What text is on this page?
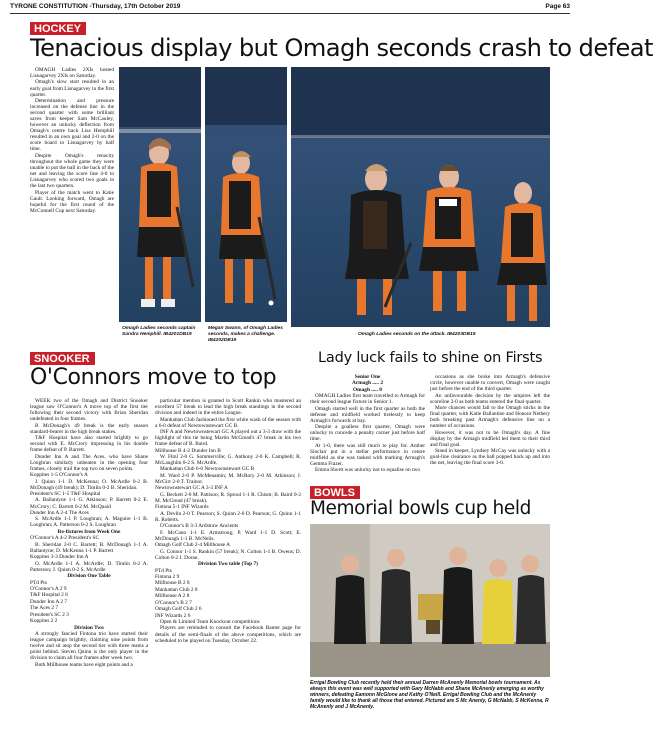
TYRONE CONSTITUTION -Thursday, 17th October 2019	Page 63
HOCKEY
Tenacious display but Omagh seconds crash to defeat

OMAGH Ladies 2XIs hosted Lisnagarvey 2XIs on Saturday.

Omagh's slow start resulted in an early goal from Lisnagarvey in the first quarter.

Determination and pressure increased on the defense line in the second quarter with some brilliant saves from keeper Sam McCauley, however an unlucky deflection from Omagh's centre back Lisa Hemphill resulted in an own goal and 2-0 on the score board to Lisnagarvey by half time.

Despite Omagh's tenacity throughout the whole game they were unable to put the ball in the back of the net and leaving the score line 4-0 to Lisnagarvey who scored two goals in the last two quarters.

Player of the match went to Katie Gault. Looking forward, Omagh are hopeful for the first round of the McConnell Cup next Saturday.

Omagh Ladies seconds captain Sandra Hemphill. IB4201DB19
Megan Swann, of Omagh Ladies seconds, makes a challenge. IB4202DB19
Omagh Ladies seconds on the attack. IB4203DB19
SNOOKER
O'Connors move to top

WEEK two of the Omagh and District Snooker league saw O'Connor's A move top of the first tier following their second victory with Brian Sheridan undefeated in four frames.

B McDonagh's 49 break is the early season standard-bearer in the high break stakes.

T&F Hospital have also started brightly to go second with E. McCrory impressing in his double frame defeat of P. Barrett.

Dunder Inn A and The Aces, who have Shane Loughran similarly unbeaten in the opening four frames, closely trail the top two on seven points.

Koppites 1-5 O'Connor's A

J. Quinn 1-1 D. McKenna; O. McArdle 0-2 B. McDonagh (49 break); D. Timlin 0-2 B. Sheridan.

President's SC 1-5 T&F Hospital

A. Ballantyne 1-1 G. Atkinson; P. Barrett 0-2 E. McCrory; C. Barrett 0-2 M. McQuaid

Dunder Inn A 2-4 The Aces

S. McArdle 1-1 P. Loughran; A. Maguire 1-1 B. Loughran; A. Patterson 0-2 S. Loughran

Re-fixtures from Week One

O'Connor's A 4-2 President's SC

B. Sheridan 2-0 C. Barrett; B. McDonagh 1-1 A. Ballantyne; D. McKenna 1-1 P. Barrett

Koppites 3-3 Dunder Inn A

O. McArdle 1-1 A. McArdle; D. Timlin 0-2 A. Patterson; J. Quinn 0-2 S. McArdle

Division One Table

PTd Pts

O'Connor's A 2 9

T&F Hospital 2 8

Dunder Inn A 2 7

The Aces 2 7

President's SC 2 3

Koppites 2 2

Division Two

A strongly fancied Fintona trio have started their league campaign brightly, claiming nine points from twelve and sit atop the second tier with three teams a point behind. Steven Quinn is the only player in the division to claim all four frames after week two.

Both Millhouse teams have eight points and a

particular mention is granted to Scott Rankin who mustered an excellent 57 break to lead the high break standings in the second division and indeed in the entire League.

Manhattan Club fashioned the first white wash of the season with a 6-0 defeat of Newtownstewart GC B.

INF A and Newtownstewart GC A played out a 3-3 draw with the highlight of this tie being Martin McGread's 47 break in his two frame defeat of B. Baird.

Millhouse B 4-2 Dunder Inn B

W. Flml 2-0 G. Sommerville; G. Anthony 2-0 K. Campbell; R. McLaughlin 0-2 S. McArdle.

Manhattan Club 6-0 Newtownstewart GC B

M. Ward 2-0 P. McMenamin; M. McRory 2-0 M. Atkinson; J. McGirr 2-0 T. Trainor.

Newtownstewart GC A 3-3 INF A

G. Beckett 2-0 M. Pattison; R. Sproul 1-1 R. Chism; B. Baird 0-2 M. McGread (47 break).

Fintona 5-1 INF Wizards

A. Devlin 2-0 T. Pearson; S. Quinn 2-0 D. Pearson; G. Quinn 1-1 R. Roberts.

O'Connor's B 3-3 Ardstraw Ancients

F. McCann 1-1 E. Armstrong; P. Ward 1-1 D. Scott; E. McDonagh 1-1 B. McNelis.

Omagh Golf Club 2-4 Millhouse A

G. Connor 1-1 S. Rankin (57 break); N. Colton 1-1 B. Owens; D. Colton 0-2 J. Doran.

Division Two table (Top 7)

PTd Pts

Fintona 2 9

Millhouse B 2 8

Manhattan Club 2 8

Millhouse A 2 8

O'Connor's B 2 7

Omagh Golf Club 2 6

INF Wizards 2 6

Open & Limited Team Knockout competitions

Players are reminded to consult the Facebook Banter page for details of the semi-finals of the above competitions, which are scheduled to be played on Tuesday, October 22.

Lady luck fails to shine on Firsts

Senior One

Armagh ..... 2

Omagh ..... 0

OMAGH Ladies first team travelled to Armagh for their second league fixture in Senior 1.

Omagh started well in the first quarter as both the defense and midfield worked tirelessly to keep Armagh's forwards at bay.

Despite a goalless first quarter, Omagh were unlucky to concede a penalty corner just before half time.

At 1-0, there was still much to play for. Amber Sinclair put in a stellar performance in centre midfield as she was tasked with marking Armagh's Gemma Frazer.

Emma Shortt was unlucky not to equalise on two

occasions as she broke into Armagh's defensive circle, however unable to convert, Omagh were caught just before the end of the third quarter.

An unfavourable decision by the umpires left the scoreline 2-0 as both teams entered the final quarter.

More chances would fall to the Omagh sticks in the final quarter, with Katie Ballantine and Honour Nethery both breaking past Armagh's defensive line on a number of occasions.

However, it was not to be Omagh's day. A fine display by the Armagh midfield led them to their third and final goal.

Stand in keeper, Lyndsey McCay was unlucky with a goal-line clearance as the ball popped back up and into the net, leaving the final score 3-0.

BOWLS
Memorial bowls cup held
Errigal Bowling Club recently held their annual Darren McAnenly Memorial bowls tournament. As always this event was well supported with Gary McNabb and Shane McAnenly emerging as worthy winners, defeating Eamonn McGlone and Kathy O'Neill. Errigal Bowling Club and the McAnenly family would like to thank all those that entered. Pictured are S Mc Anenly, G McNabb, S McKenna, R McAnenly and J McAnenly.
